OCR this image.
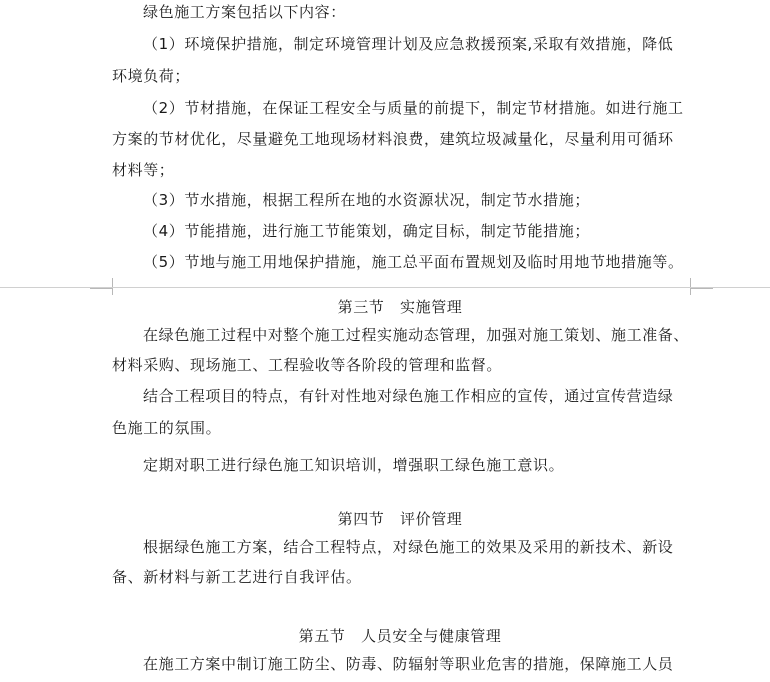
绿色施工方案包括以下内容：
（1）环境保护措施，制定环境管理计划及应急救援预案,采取有效措施，降低
环境负荷；
（2）节材措施，在保证工程安全与质量的前提下，制定节材措施。如进行施工
方案的节材优化，尽量避免工地现场材料浪费，建筑垃圾减量化，尽量利用可循环
材料等；
（3）节水措施，根据工程所在地的水资源状况，制定节水措施；
（4）节能措施，进行施工节能策划，确定目标，制定节能措施；
（5）节地与施工用地保护措施，施工总平面布置规划及临时用地节地措施等。
第三节　实施管理
在绿色施工过程中对整个施工过程实施动态管理，加强对施工策划、施工准备、
材料采购、现场施工、工程验收等各阶段的管理和监督。
结合工程项目的特点，有针对性地对绿色施工作相应的宣传，通过宣传营造绿
色施工的氛围。
定期对职工进行绿色施工知识培训，增强职工绿色施工意识。
第四节　评价管理
根据绿色施工方案，结合工程特点，对绿色施工的效果及采用的新技术、新设
备、新材料与新工艺进行自我评估。
第五节　人员安全与健康管理
在施工方案中制订施工防尘、防毒、防辐射等职业危害的措施，保障施工人员
